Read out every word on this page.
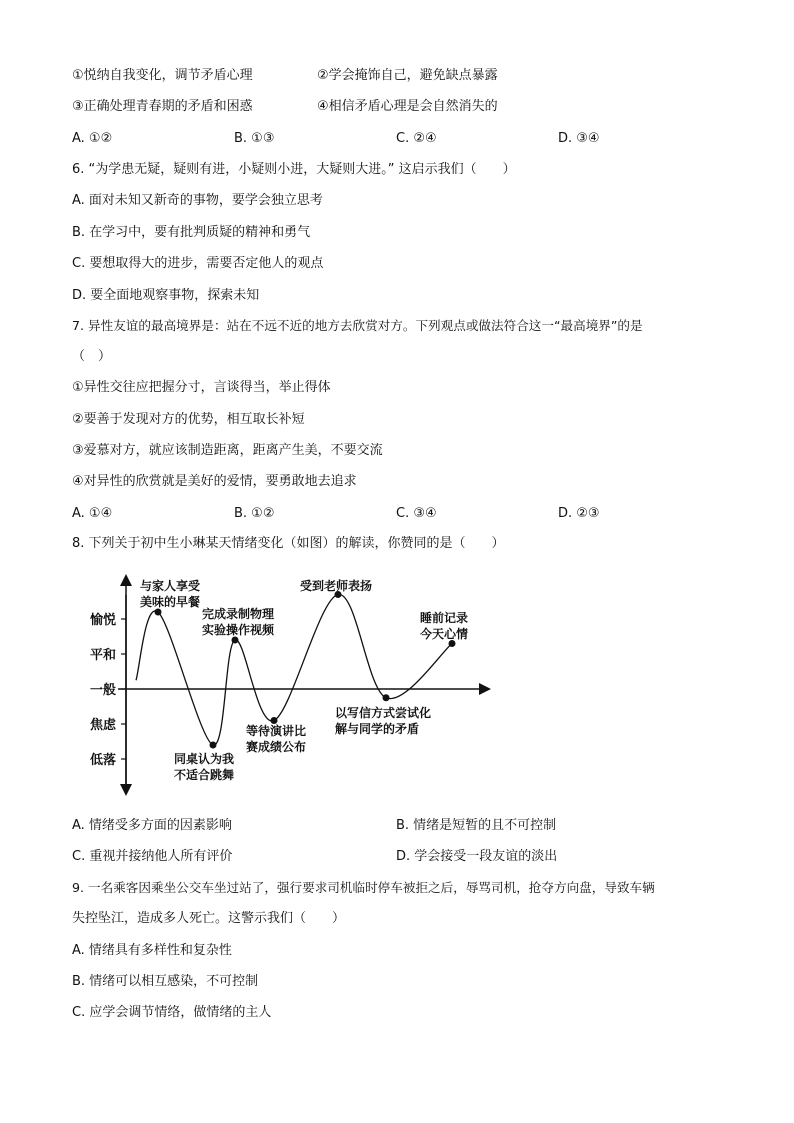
①悦纳自我变化，调节矛盾心理	②学会掩饰自己，避免缺点暴露
③正确处理青春期的矛盾和困惑	④相信矛盾心理是会自然消失的
A. ①②	B. ①③	C. ②④	D. ③④
6. “为学患无疑，疑则有进，小疑则小进，大疑则大进。” 这启示我们（　　）
A. 面对未知又新奇的事物，要学会独立思考
B. 在学习中，要有批判质疑的精神和勇气
C. 要想取得大的进步，需要否定他人的观点
D. 要全面地观察事物，探索未知
7. 异性友谊的最高境界是：站在不远不近的地方去欣赏对方。下列观点或做法符合这一“最高境界”的是
（　）
①异性交往应把握分寸，言谈得当，举止得体
②要善于发现对方的优势，相互取长补短
③爱慕对方，就应该制造距离，距离产生美，不要交流
④对异性的欣赏就是美好的爱情，要勇敢地去追求
A. ①④	B. ①②	C. ③④	D. ②③
8. 下列关于初中生小琳某天情绪变化（如图）的解读，你赞同的是（　　）
低落
焦虑
一般
平和
愉悦
与家人享受
美味的早餐
同桌认为我
不适合跳舞
完成录制物理
实验操作视频
等待演讲比
赛成绩公布
受到老师表扬
以写信方式尝试化
解与同学的矛盾
睡前记录
今天心情
A. 情绪受多方面的因素影响	B. 情绪是短暂的且不可控制
C. 重视并接纳他人所有评价	D. 学会接受一段友谊的淡出
9. 一名乘客因乘坐公交车坐过站了，强行要求司机临时停车被拒之后，辱骂司机，抢夺方向盘，导致车辆
失控坠江，造成多人死亡。这警示我们（　　）
A. 情绪具有多样性和复杂性
B. 情绪可以相互感染，不可控制
C. 应学会调节情络，做情绪的主人
